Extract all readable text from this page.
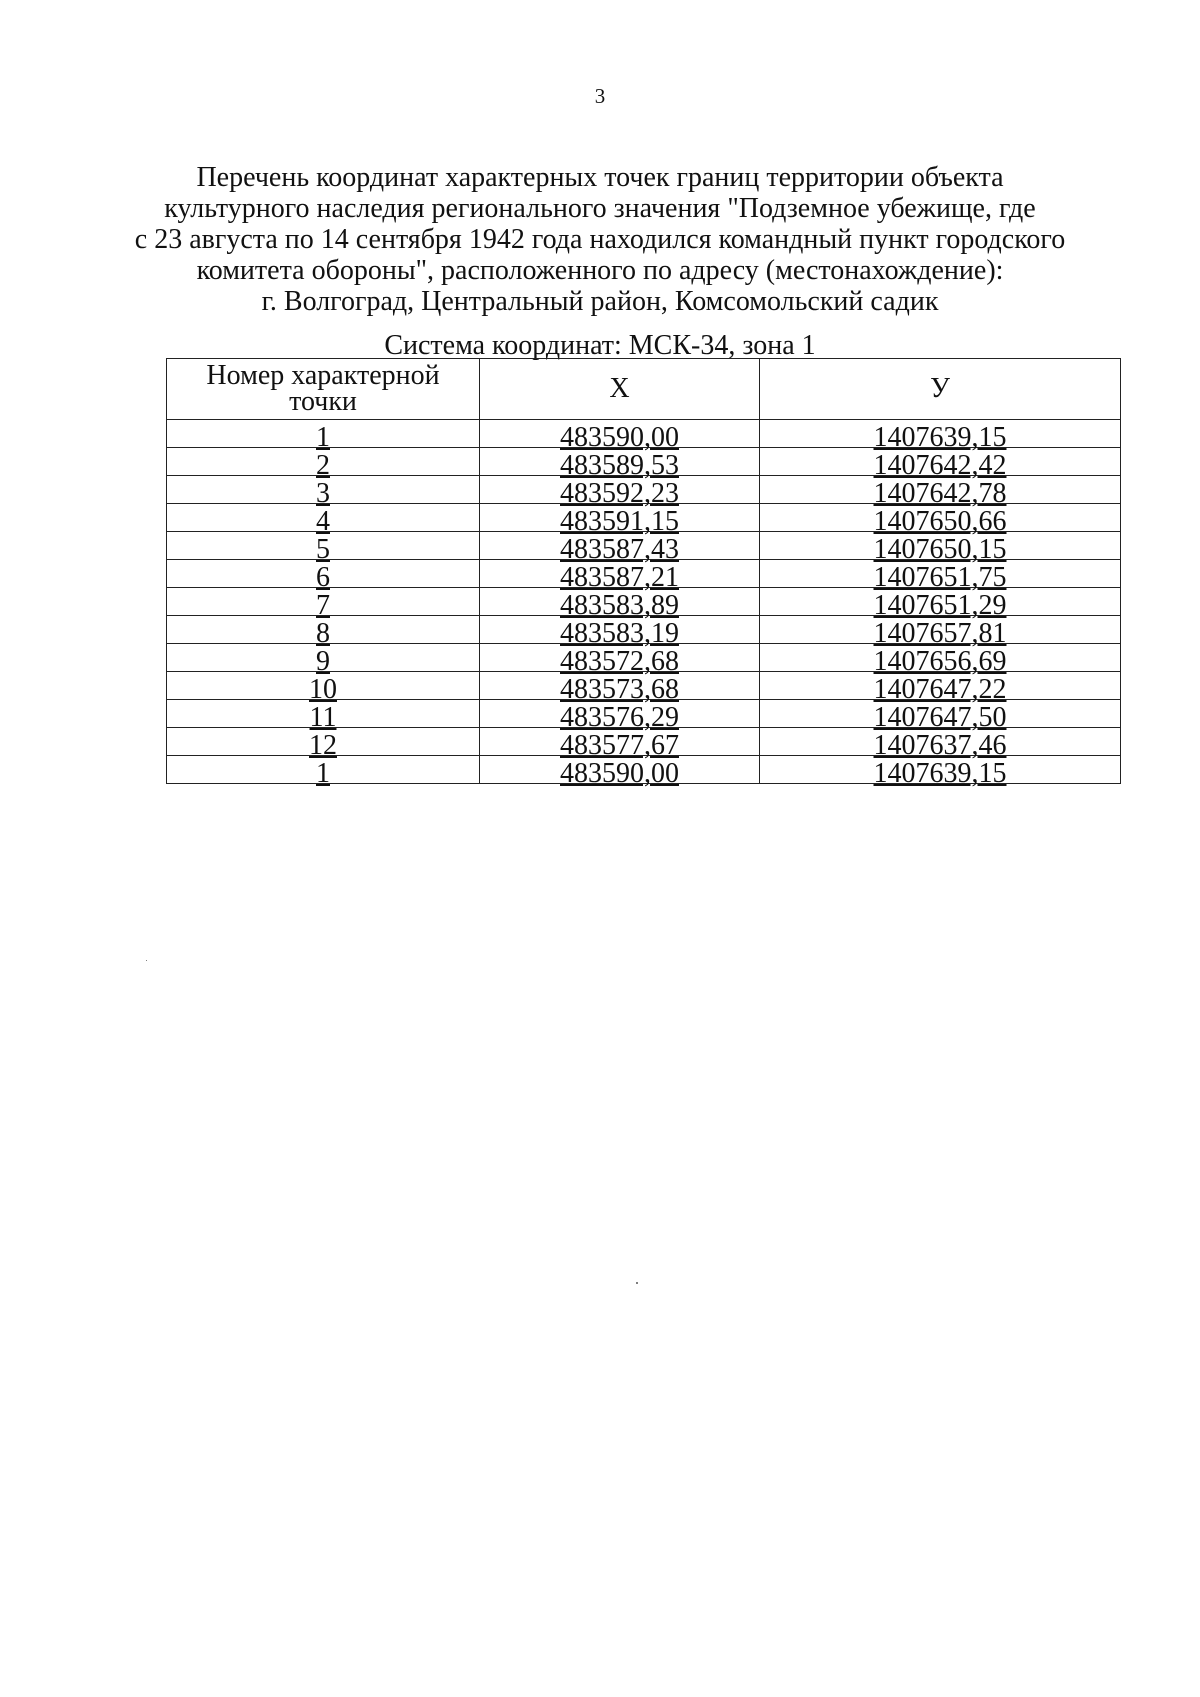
3
Перечень координат характерных точек границ территории объекта
культурного наследия регионального значения "Подземное убежище, где
с 23 августа по 14 сентября 1942 года находился командный пункт городского
комитета обороны", расположенного по адресу (местонахождение):
г. Волгоград, Центральный район, Комсомольский садик
Система координат: МСК-34, зона 1
Номер характерной
точки	Х	У
1	483590,00	1407639,15
2	483589,53	1407642,42
3	483592,23	1407642,78
4	483591,15	1407650,66
5	483587,43	1407650,15
6	483587,21	1407651,75
7	483583,89	1407651,29
8	483583,19	1407657,81
9	483572,68	1407656,69
10	483573,68	1407647,22
11	483576,29	1407647,50
12	483577,67	1407637,46
1	483590,00	1407639,15
